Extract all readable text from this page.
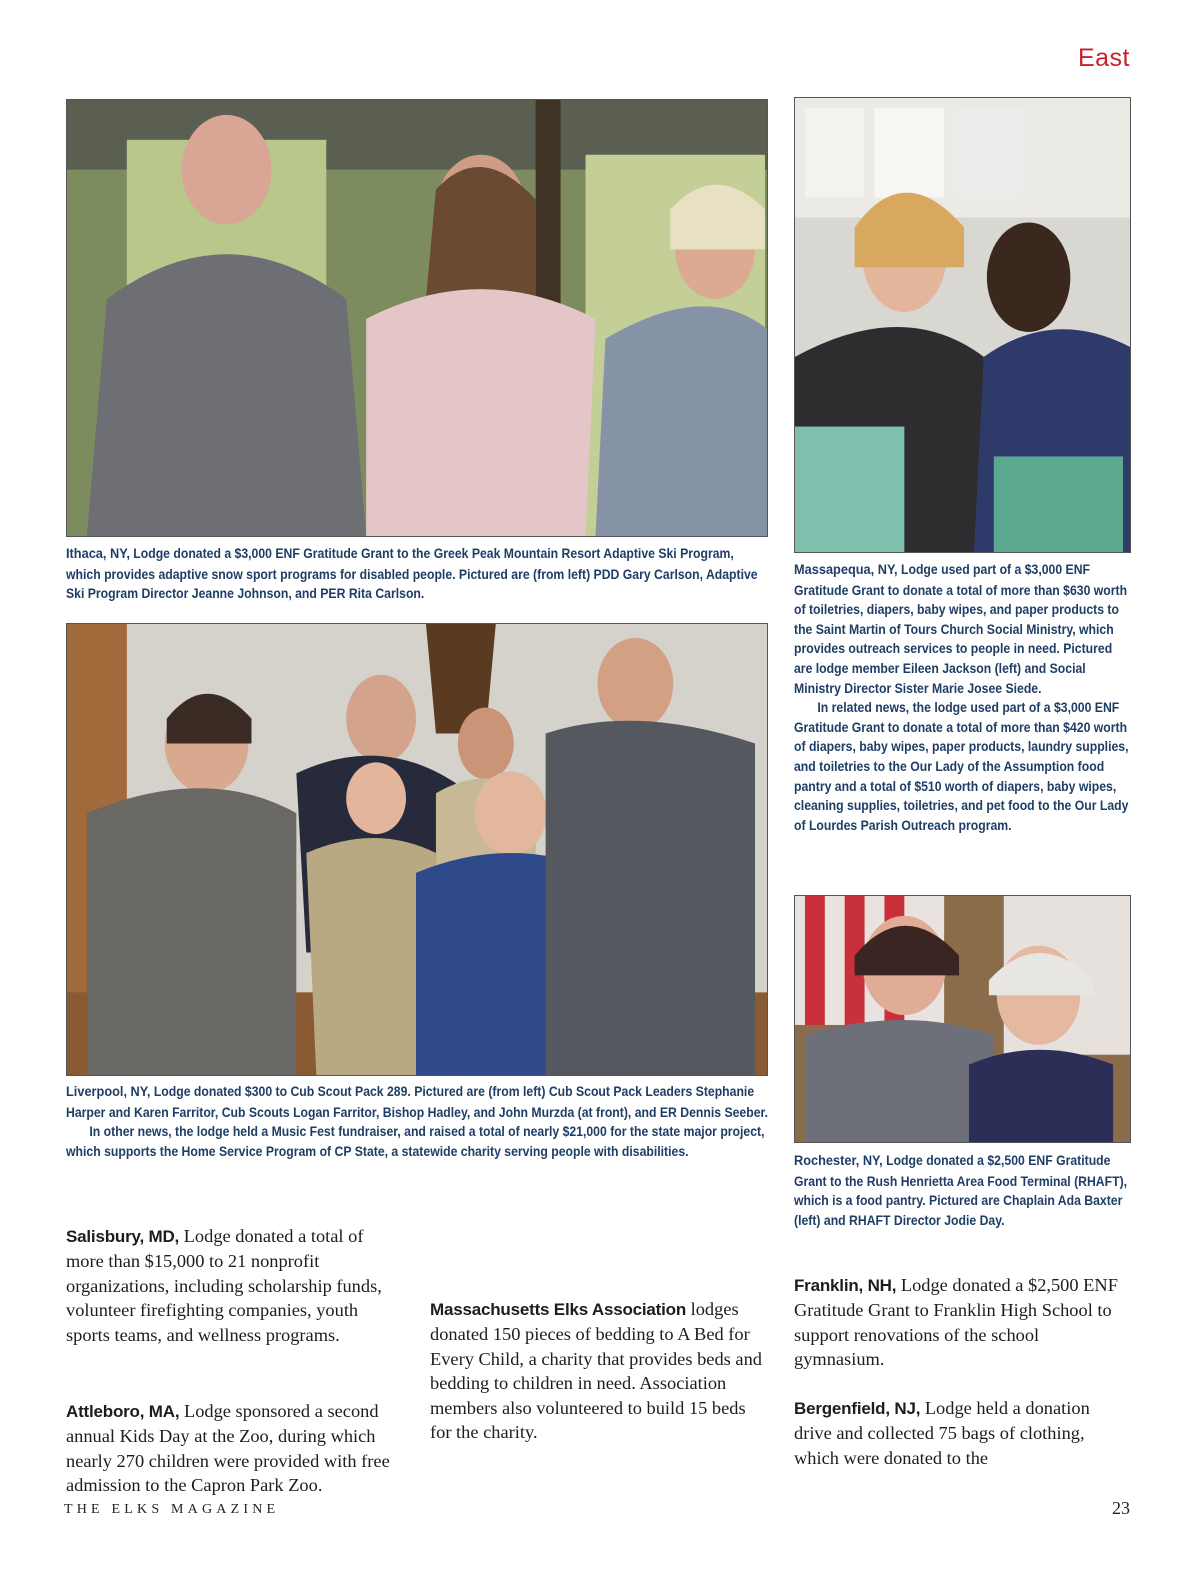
East

Ithaca, NY, Lodge donated a $3,000 ENF Gratitude Grant to the Greek Peak Mountain Resort Adaptive Ski Program, which provides adaptive snow sport programs for disabled people. Pictured are (from left) PDD Gary Carlson, Adaptive Ski Program Director Jeanne Johnson, and PER Rita Carlson.

Massapequa, NY, Lodge used part of a $3,000 ENF Gratitude Grant to donate a total of more than $630 worth of toiletries, diapers, baby wipes, and paper products to the Saint Martin of Tours Church Social Ministry, which provides outreach services to people in need. Pictured are lodge member Eileen Jackson (left) and Social Ministry Director Sister Marie Josee Siede.

In related news, the lodge used part of a $3,000 ENF Gratitude Grant to donate a total of more than $420 worth of diapers, baby wipes, paper products, laundry supplies, and toiletries to the Our Lady of the Assumption food pantry and a total of $510 worth of diapers, baby wipes, cleaning supplies, toiletries, and pet food to the Our Lady of Lourdes Parish Outreach program.

Liverpool, NY, Lodge donated $300 to Cub Scout Pack 289. Pictured are (from left) Cub Scout Pack Leaders Stephanie Harper and Karen Farritor, Cub Scouts Logan Farritor, Bishop Hadley, and John Murzda (at front), and ER Dennis Seeber.

In other news, the lodge held a Music Fest fundraiser, and raised a total of nearly $21,000 for the state major project, which supports the Home Service Program of CP State, a statewide charity serving people with disabilities.

Rochester, NY, Lodge donated a $2,500 ENF Gratitude Grant to the Rush Henrietta Area Food Terminal (RHAFT), which is a food pantry. Pictured are Chaplain Ada Baxter (left) and RHAFT Director Jodie Day.

Salisbury, MD, Lodge donated a total of more than $15,000 to 21 nonprofit organizations, including scholarship funds, volunteer firefighting companies, youth sports teams, and wellness programs.

Attleboro, MA, Lodge sponsored a second annual Kids Day at the Zoo, during which nearly 270 children were provided with free admission to the Capron Park Zoo.

Massachusetts Elks Association lodges donated 150 pieces of bedding to A Bed for Every Child, a charity that provides beds and bedding to children in need. Association members also volunteered to build 15 beds for the charity.

Franklin, NH, Lodge donated a $2,500 ENF Gratitude Grant to Franklin High School to support renovations of the school gymnasium.

Bergenfield, NJ, Lodge held a donation drive and collected 75 bags of clothing, which were donated to the

THE ELKS MAGAZINE	23
